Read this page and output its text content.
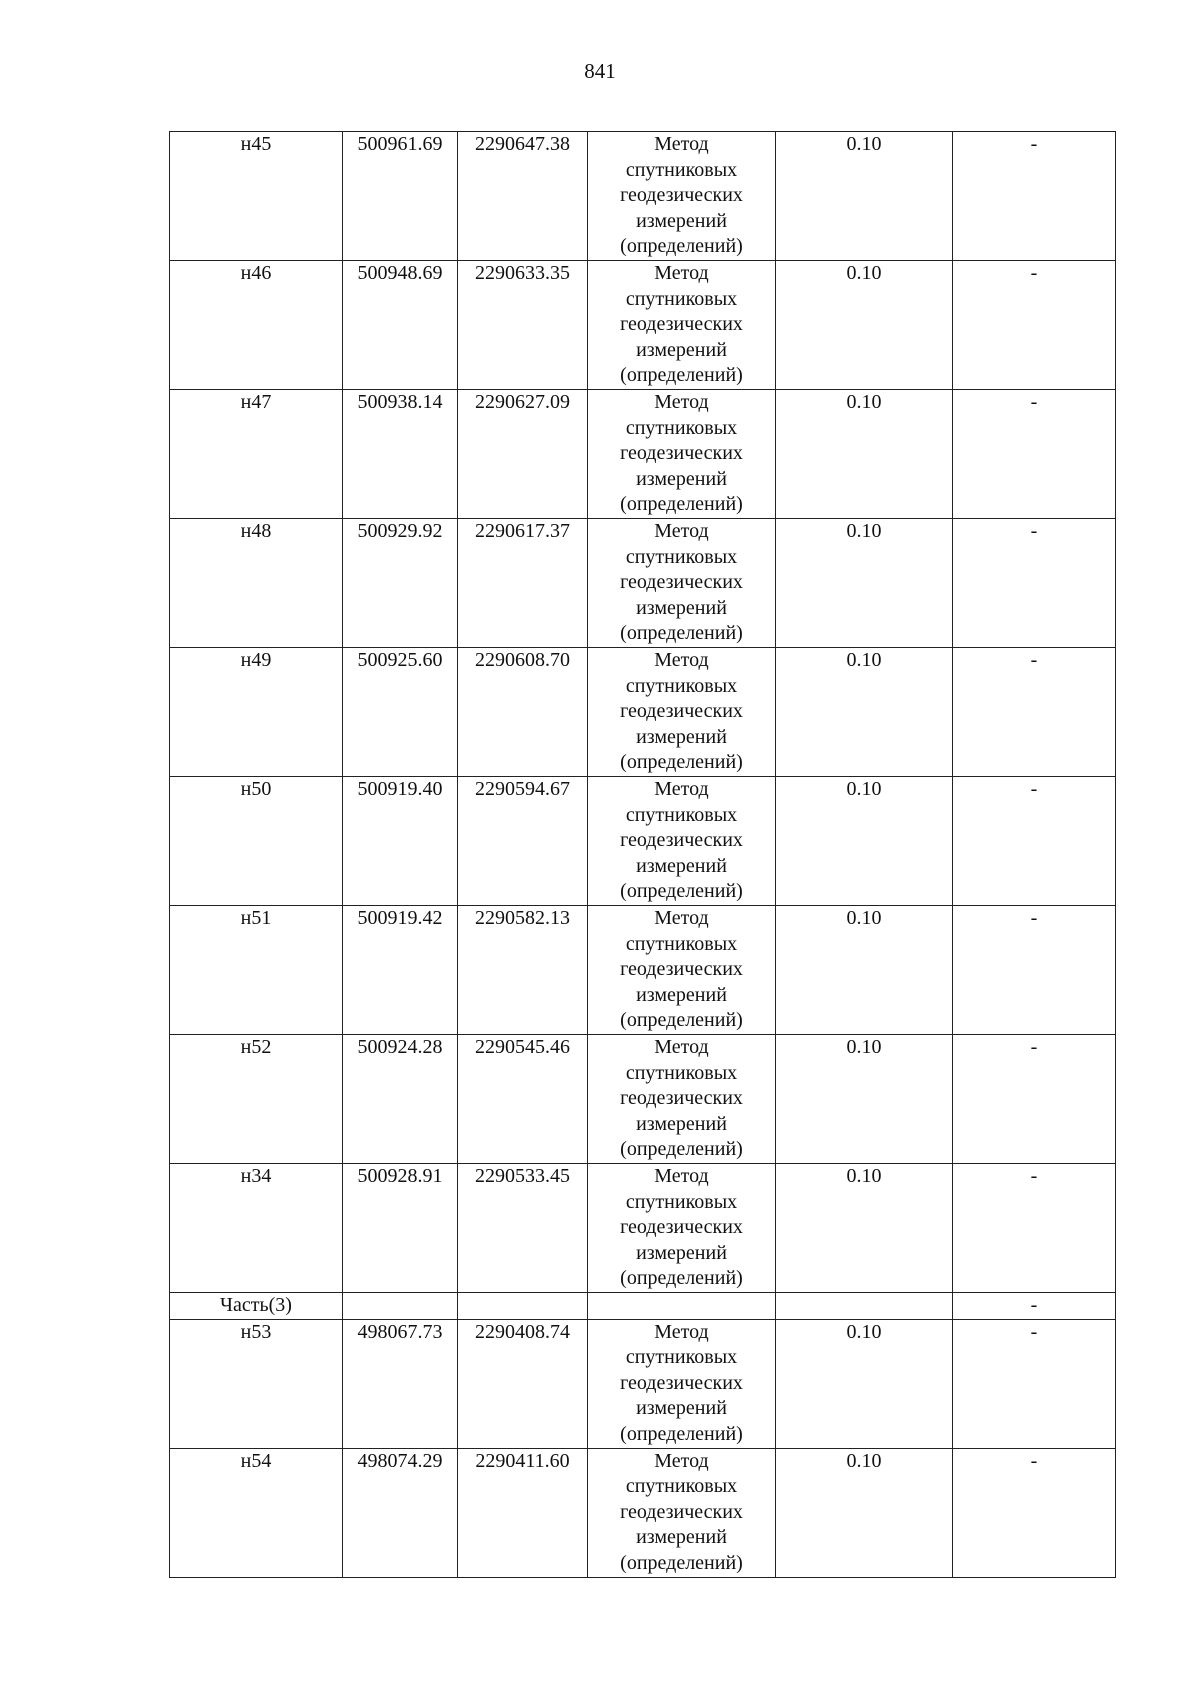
841
н45	500961.69	2290647.38	Метод
спутниковых
геодезических
измерений
(определений)	0.10	-
н46	500948.69	2290633.35	Метод
спутниковых
геодезических
измерений
(определений)	0.10	-
н47	500938.14	2290627.09	Метод
спутниковых
геодезических
измерений
(определений)	0.10	-
н48	500929.92	2290617.37	Метод
спутниковых
геодезических
измерений
(определений)	0.10	-
н49	500925.60	2290608.70	Метод
спутниковых
геодезических
измерений
(определений)	0.10	-
н50	500919.40	2290594.67	Метод
спутниковых
геодезических
измерений
(определений)	0.10	-
н51	500919.42	2290582.13	Метод
спутниковых
геодезических
измерений
(определений)	0.10	-
н52	500924.28	2290545.46	Метод
спутниковых
геодезических
измерений
(определений)	0.10	-
н34	500928.91	2290533.45	Метод
спутниковых
геодезических
измерений
(определений)	0.10	-
Часть(3)					-
н53	498067.73	2290408.74	Метод
спутниковых
геодезических
измерений
(определений)	0.10	-
н54	498074.29	2290411.60	Метод
спутниковых
геодезических
измерений
(определений)	0.10	-
